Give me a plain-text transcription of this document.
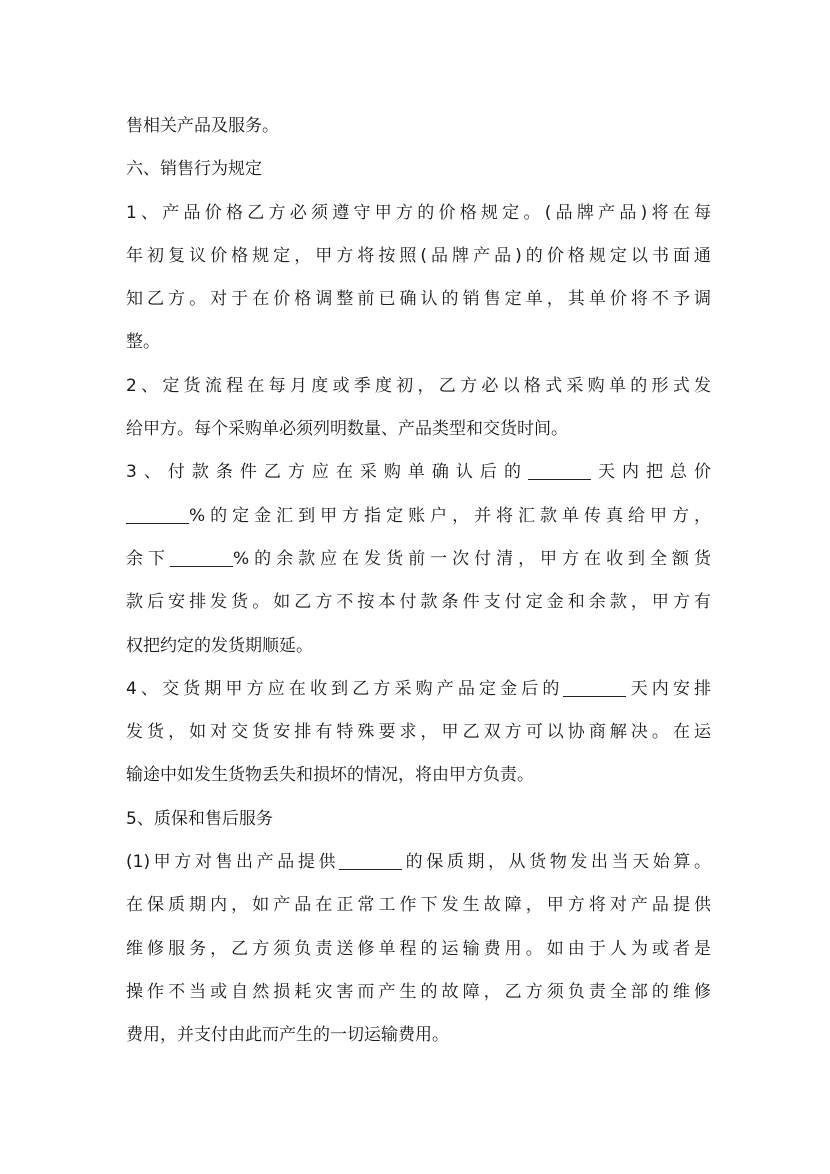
售相关产品及服务。
六、销售行为规定
1、产品价格乙方必须遵守甲方的价格规定。(品牌产品)将在每
年初复议价格规定，甲方将按照(品牌产品)的价格规定以书面通
知乙方。对于在价格调整前已确认的销售定单，其单价将不予调
整。
2、定货流程在每月度或季度初，乙方必以格式采购单的形式发
给甲方。每个采购单必须列明数量、产品类型和交货时间。
3、付款条件乙方应在采购单确认后的	天内把总价
%的定金汇到甲方指定账户，并将汇款单传真给甲方，
余下	%的余款应在发货前一次付清，甲方在收到全额货
款后安排发货。如乙方不按本付款条件支付定金和余款，甲方有
权把约定的发货期顺延。
4、交货期甲方应在收到乙方采购产品定金后的	天内安排
发货，如对交货安排有特殊要求，甲乙双方可以协商解决。在运
输途中如发生货物丢失和损坏的情况，将由甲方负责。
5、质保和售后服务
(1)甲方对售出产品提供	的保质期，从货物发出当天始算。
在保质期内，如产品在正常工作下发生故障，甲方将对产品提供
维修服务，乙方须负责送修单程的运输费用。如由于人为或者是
操作不当或自然损耗灾害而产生的故障，乙方须负责全部的维修
费用，并支付由此而产生的一切运输费用。
